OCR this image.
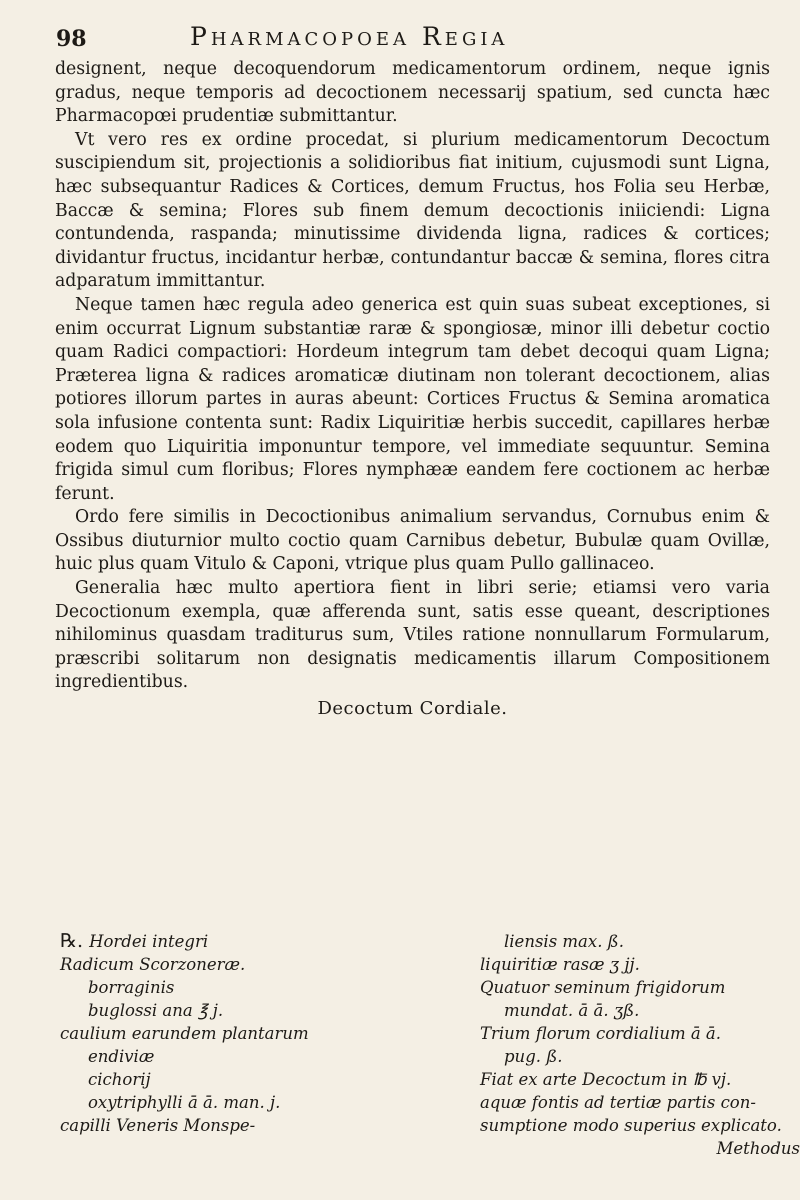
98	Pharmacopoea Regia

designent, neque decoquendorum medicamentorum ordinem, neque ignis gradus, neque temporis ad decoctionem necessarij spatium, sed cuncta hæc Pharmacopœi prudentiæ submittantur.

Vt vero res ex ordine procedat, si plurium medicamentorum Decoctum suscipiendum sit, projectionis a solidioribus fiat initium, cujusmodi sunt Ligna, hæc subsequantur Radices & Cortices, demum Fructus, hos Folia seu Herbæ, Baccæ & semina; Flores sub finem demum decoctionis iniiciendi: Ligna contundenda, raspanda; minutissime dividenda ligna, radices & cortices; dividantur fructus, incidantur herbæ, contundantur baccæ & semina, flores citra adparatum immittantur.

Neque tamen hæc regula adeo generica est quin suas subeat exceptiones, si enim occurrat Lignum substantiæ raræ & spongiosæ, minor illi debetur coctio quam Radici compactiori: Hordeum integrum tam debet decoqui quam Ligna; Præterea ligna & radices aromaticæ diutinam non tolerant decoctionem, alias potiores illorum partes in auras abeunt: Cortices Fructus & Semina aromatica sola infusione contenta sunt: Radix Liquiritiæ herbis succedit, capillares herbæ eodem quo Liquiritia imponuntur tempore, vel immediate sequuntur. Semina frigida simul cum floribus; Flores nymphææ eandem fere coctionem ac herbæ ferunt.

Ordo fere similis in Decoctionibus animalium servandus, Cornubus enim & Ossibus diuturnior multo coctio quam Carnibus debetur, Bubulæ quam Ovillæ, huic plus quam Vitulo & Caponi, vtrique plus quam Pullo gallinaceo.

Generalia hæc multo apertiora fient in libri serie; etiamsi vero varia Decoctionum exempla, quæ afferenda sunt, satis esse queant, descriptiones nihilominus quasdam traditurus sum, Vtiles ratione nonnullarum Formularum, præscribi solitarum non designatis medicamentis illarum Compositionem ingredientibus.

Decoctum Cordiale.
℞. Hordei integri
Radicum Scorzoneræ.
borraginis
buglossi ana ℥ j.
caulium earundem plantarum
endiviæ
cichorij
oxytriphylli ā ā. man. j.
capilli Veneris Monspe-
liensis max. ß.
liquiritiæ rasæ ʒ jj.
Quatuor seminum frigidorum
mundat. ā ā. ʒß.
Trium florum cordialium ā ā.
pug. ß.
Fiat ex arte Decoctum in ℔ vj.
aquæ fontis ad tertiæ partis con-
sumptione modo superius explicato.
Methodus
